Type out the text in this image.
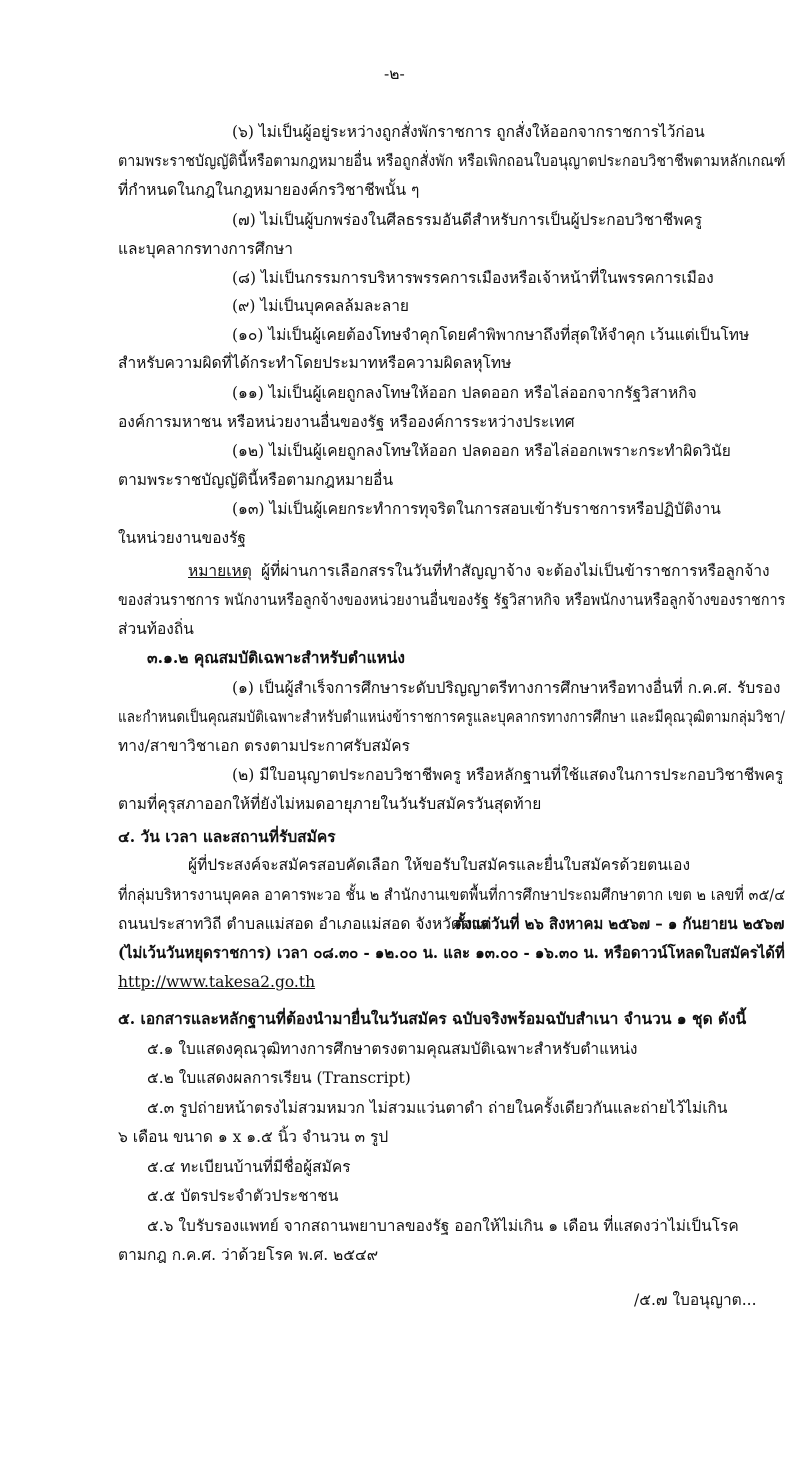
-๒-
(๖) ไม่เป็นผู้อยู่ระหว่างถูกสั่งพักราชการ ถูกสั่งให้ออกจากราชการไว้ก่อน
ตามพระราชบัญญัตินี้หรือตามกฎหมายอื่น หรือถูกสั่งพัก หรือเพิกถอนใบอนุญาตประกอบวิชาชีพตามหลักเกณฑ์
ที่กำหนดในกฎในกฎหมายองค์กรวิชาชีพนั้น ๆ
(๗) ไม่เป็นผู้บกพร่องในศีลธรรมอันดีสำหรับการเป็นผู้ประกอบวิชาชีพครู
และบุคลากรทางการศึกษา
(๘) ไม่เป็นกรรมการบริหารพรรคการเมืองหรือเจ้าหน้าที่ในพรรคการเมือง
(๙) ไม่เป็นบุคคลล้มละลาย
(๑๐) ไม่เป็นผู้เคยต้องโทษจำคุกโดยคำพิพากษาถึงที่สุดให้จำคุก เว้นแต่เป็นโทษ
สำหรับความผิดที่ได้กระทำโดยประมาทหรือความผิดลหุโทษ
(๑๑) ไม่เป็นผู้เคยถูกลงโทษให้ออก ปลดออก หรือไล่ออกจากรัฐวิสาหกิจ
องค์การมหาชน หรือหน่วยงานอื่นของรัฐ หรือองค์การระหว่างประเทศ
(๑๒) ไม่เป็นผู้เคยถูกลงโทษให้ออก ปลดออก หรือไล่ออกเพราะกระทำผิดวินัย
ตามพระราชบัญญัตินี้หรือตามกฎหมายอื่น
(๑๓) ไม่เป็นผู้เคยกระทำการทุจริตในการสอบเข้ารับราชการหรือปฏิบัติงาน
ในหน่วยงานของรัฐ
หมายเหตุ ผู้ที่ผ่านการเลือกสรรในวันที่ทำสัญญาจ้าง จะต้องไม่เป็นข้าราชการหรือลูกจ้าง
ของส่วนราชการ พนักงานหรือลูกจ้างของหน่วยงานอื่นของรัฐ รัฐวิสาหกิจ หรือพนักงานหรือลูกจ้างของราชการ
ส่วนท้องถิ่น
๓.๑.๒ คุณสมบัติเฉพาะสำหรับตำแหน่ง
(๑) เป็นผู้สำเร็จการศึกษาระดับปริญญาตรีทางการศึกษาหรือทางอื่นที่ ก.ค.ศ. รับรอง
และกำหนดเป็นคุณสมบัติเฉพาะสำหรับตำแหน่งข้าราชการครูและบุคลากรทางการศึกษา และมีคุณวุฒิตามกลุ่มวิชา/
ทาง/สาขาวิชาเอก ตรงตามประกาศรับสมัคร
(๒) มีใบอนุญาตประกอบวิชาชีพครู หรือหลักฐานที่ใช้แสดงในการประกอบวิชาชีพครู
ตามที่คุรุสภาออกให้ที่ยังไม่หมดอายุภายในวันรับสมัครวันสุดท้าย
๔. วัน เวลา และสถานที่รับสมัคร
ผู้ที่ประสงค์จะสมัครสอบคัดเลือก ให้ขอรับใบสมัครและยื่นใบสมัครด้วยตนเอง
ที่กลุ่มบริหารงานบุคคล อาคารพะวอ ชั้น ๒ สำนักงานเขตพื้นที่การศึกษาประถมศึกษาตาก เขต ๒ เลขที่ ๓๕/๔
ถนนประสาทวิถี ตำบลแม่สอด อำเภอแม่สอด จังหวัดตาก
ตั้งแต่วันที่ ๒๖ สิงหาคม ๒๕๖๗ – ๑ กันยายน ๒๕๖๗
(ไม่เว้นวันหยุดราชการ) เวลา ๐๘.๓๐ - ๑๒.๐๐ น. และ ๑๓.๐๐ - ๑๖.๓๐ น. หรือดาวน์โหลดใบสมัครได้ที่
http://www.takesa2.go.th
๕. เอกสารและหลักฐานที่ต้องนำมายื่นในวันสมัคร ฉบับจริงพร้อมฉบับสำเนา จำนวน ๑ ชุด ดังนี้
๕.๑ ใบแสดงคุณวุฒิทางการศึกษาตรงตามคุณสมบัติเฉพาะสำหรับตำแหน่ง
๕.๒ ใบแสดงผลการเรียน (Transcript)
๕.๓ รูปถ่ายหน้าตรงไม่สวมหมวก ไม่สวมแว่นตาดำ ถ่ายในครั้งเดียวกันและถ่ายไว้ไม่เกิน
๖ เดือน ขนาด ๑ x ๑.๕ นิ้ว จำนวน ๓ รูป
๕.๔ ทะเบียนบ้านที่มีชื่อผู้สมัคร
๕.๕ บัตรประจำตัวประชาชน
๕.๖ ใบรับรองแพทย์ จากสถานพยาบาลของรัฐ ออกให้ไม่เกิน ๑ เดือน ที่แสดงว่าไม่เป็นโรค
ตามกฎ ก.ค.ศ. ว่าด้วยโรค พ.ศ. ๒๕๔๙
/๕.๗ ใบอนุญาต...
